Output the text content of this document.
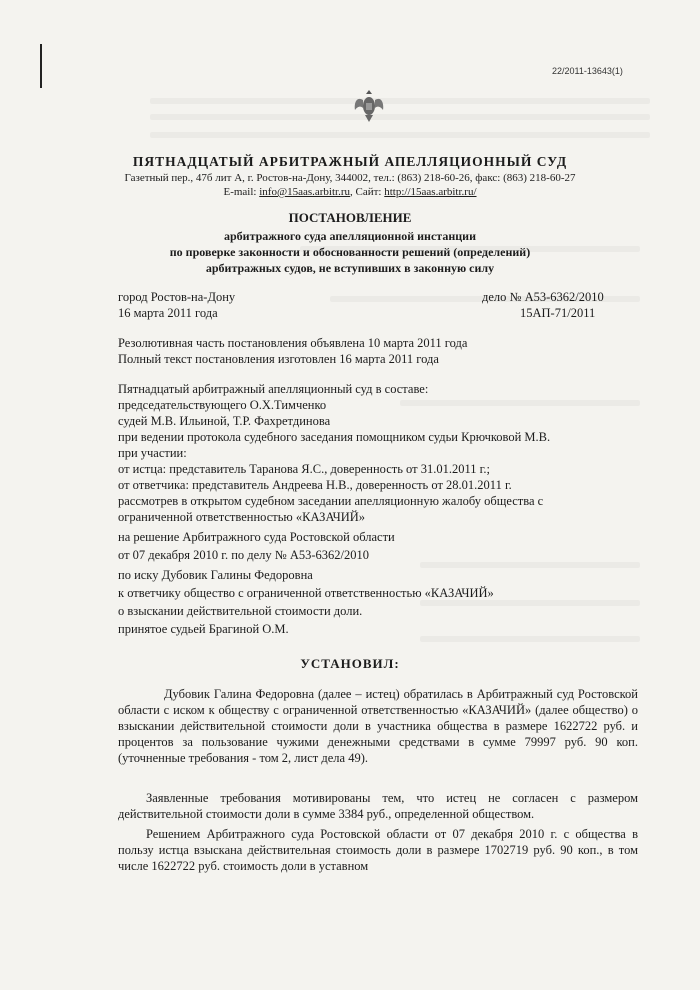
22/2011-13643(1)
ПЯТНАДЦАТЫЙ АРБИТРАЖНЫЙ АПЕЛЛЯЦИОННЫЙ СУД
Газетный пер., 47б лит А, г. Ростов-на-Дону, 344002, тел.: (863) 218-60-26, факс: (863) 218-60-27
E-mail: info@15aas.arbitr.ru, Сайт: http://15aas.arbitr.ru/
ПОСТАНОВЛЕНИЕ
арбитражного суда апелляционной инстанции
по проверке законности и обоснованности решений (определений)
арбитражных судов, не вступивших в законную силу
город Ростов-на-Дону	дело № А53-6362/2010
16 марта 2011 года	15АП-71/2011
Резолютивная часть постановления объявлена 10 марта 2011 года
Полный текст постановления изготовлен 16 марта 2011 года
Пятнадцатый арбитражный апелляционный суд в составе:
председательствующего О.Х.Тимченко
судей М.В. Ильиной, Т.Р. Фахретдинова
при ведении протокола судебного заседания помощником судьи Крючковой М.В.
при участии:
от истца: представитель Таранова Я.С., доверенность от 31.01.2011 г.;
от ответчика: представитель Андреева Н.В., доверенность от 28.01.2011 г.
рассмотрев в открытом судебном заседании апелляционную жалобу общества с
ограниченной ответственностью «КАЗАЧИЙ»
на решение Арбитражного суда Ростовской области
от 07 декабря 2010 г. по делу № А53-6362/2010
по иску Дубовик Галины Федоровна
к ответчику общество с ограниченной ответственностью «КАЗАЧИЙ»
о взыскании действительной стоимости доли.
принятое судьей Брагиной О.М.
УСТАНОВИЛ:
Дубовик Галина Федоровна (далее – истец) обратилась в Арбитражный суд Ростовской области с иском к обществу с ограниченной ответственностью «КАЗАЧИЙ» (далее общество) о взыскании действительной стоимости доли в участника общества в размере 1622722 руб. и процентов за пользование чужими денежными средствами в сумме 79997 руб. 90 коп. (уточненные требования - том 2, лист дела 49).
Заявленные требования мотивированы тем, что истец не согласен с размером действительной стоимости доли в сумме 3384 руб., определенной обществом.
Решением Арбитражного суда Ростовской области от 07 декабря 2010 г. с общества в пользу истца взыскана действительная стоимость доли в размере 1702719 руб. 90 коп., в том числе 1622722 руб. стоимость доли в уставном
